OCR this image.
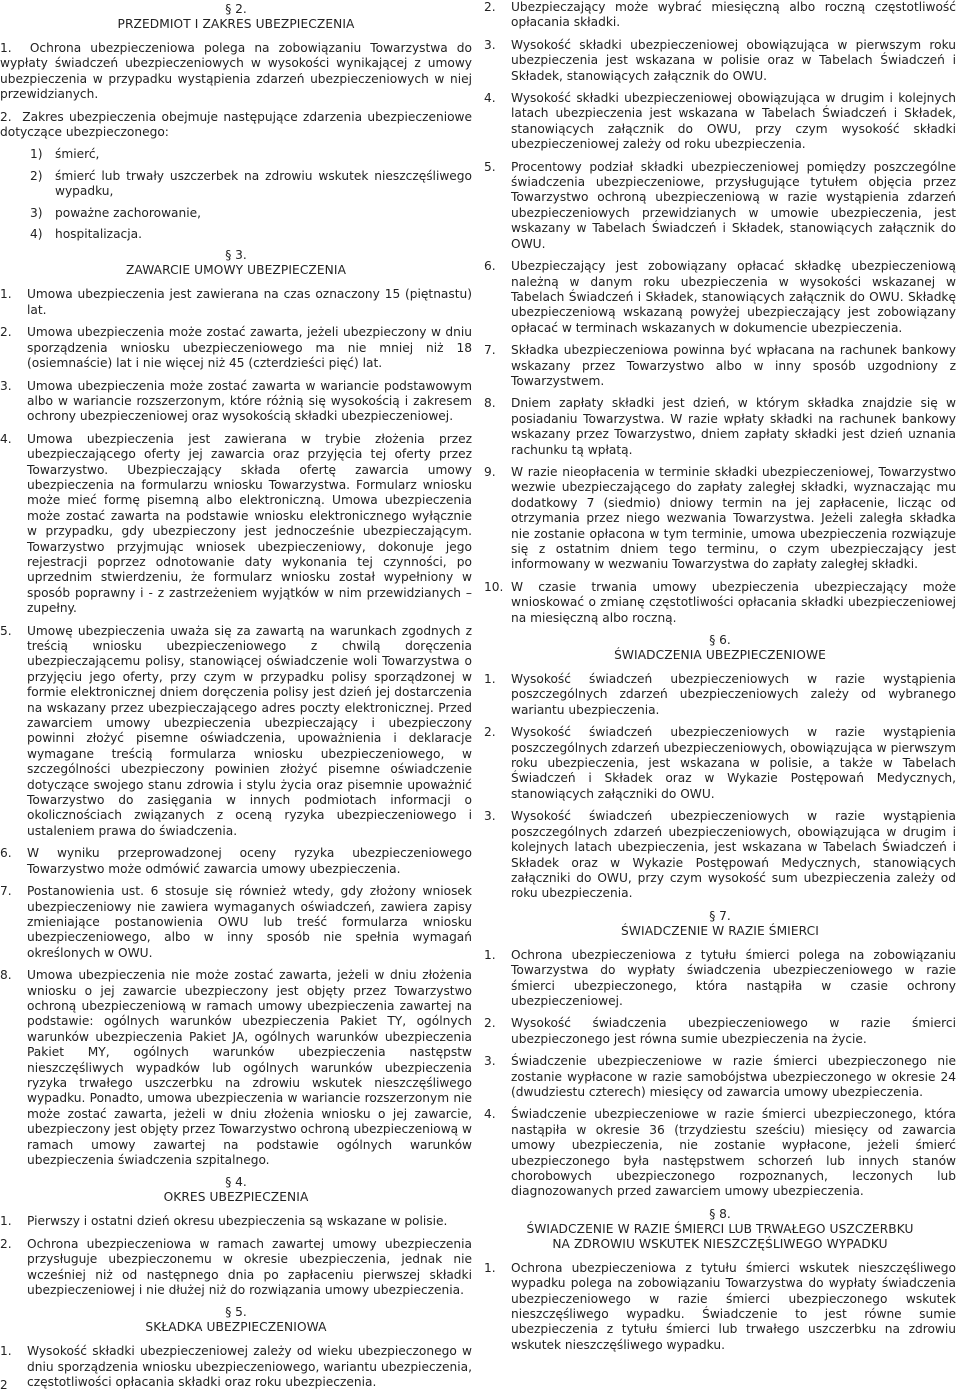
§ 2.
PRZEDMIOT I ZAKRES UBEZPIECZENIA
1. Ochrona ubezpieczeniowa polega na zobowiązaniu Towarzystwa do wypłaty świadczeń ubezpieczeniowych w wysokości wynikającej z umowy ubezpieczenia w przypadku wystąpienia zdarzeń ubezpieczeniowych w niej przewidzianych.
2. Zakres ubezpieczenia obejmuje następujące zdarzenia ubezpieczeniowe dotyczące ubezpieczonego:
1) śmierć,
2) śmierć lub trwały uszczerbek na zdrowiu wskutek nieszczęśliwego wypadku,
3) poważne zachorowanie,
4) hospitalizacja.
§ 3.
ZAWARCIE UMOWY UBEZPIECZENIA
1. Umowa ubezpieczenia jest zawierana na czas oznaczony 15 (piętnastu) lat.
2. Umowa ubezpieczenia może zostać zawarta, jeżeli ubezpieczony w dniu sporządzenia wniosku ubezpieczeniowego ma nie mniej niż 18 (osiemnaście) lat i nie więcej niż 45 (czterdzieści pięć) lat.
3. Umowa ubezpieczenia może zostać zawarta w wariancie podstawowym albo w wariancie rozszerzonym, które różnią się wysokością i zakresem ochrony ubezpieczeniowej oraz wysokością składki ubezpieczeniowej.
4. Umowa ubezpieczenia jest zawierana w trybie złożenia przez ubezpieczającego oferty jej zawarcia oraz przyjęcia tej oferty przez Towarzystwo. Ubezpieczający składa ofertę zawarcia umowy ubezpieczenia na formularzu wniosku Towarzystwa. Formularz wniosku może mieć formę pisemną albo elektroniczną. Umowa ubezpieczenia może zostać zawarta na podstawie wniosku elektronicznego wyłącznie w przypadku, gdy ubezpieczony jest jednocześnie ubezpieczającym. Towarzystwo przyjmując wniosek ubezpieczeniowy, dokonuje jego rejestracji poprzez odnotowanie daty wykonania tej czynności, po uprzednim stwierdzeniu, że formularz wniosku został wypełniony w sposób poprawny i - z zastrzeżeniem wyjątków w nim przewidzianych – zupełny.
5. Umowę ubezpieczenia uważa się za zawartą na warunkach zgodnych z treścią wniosku ubezpieczeniowego z chwilą doręczenia ubezpieczającemu polisy, stanowiącej oświadczenie woli Towarzystwa o przyjęciu jego oferty, przy czym w przypadku polisy sporządzonej w formie elektronicznej dniem doręczenia polisy jest dzień jej dostarczenia na wskazany przez ubezpieczającego adres poczty elektronicznej. Przed zawarciem umowy ubezpieczenia ubezpieczający i ubezpieczony powinni złożyć pisemne oświadczenia, upoważnienia i deklaracje wymagane treścią formularza wniosku ubezpieczeniowego, w szczególności ubezpieczony powinien złożyć pisemne oświadczenie dotyczące swojego stanu zdrowia i stylu życia oraz pisemnie upoważnić Towarzystwo do zasięgania w innych podmiotach informacji o okolicznościach związanych z oceną ryzyka ubezpieczeniowego i ustaleniem prawa do świadczenia.
6. W wyniku przeprowadzonej oceny ryzyka ubezpieczeniowego Towarzystwo może odmówić zawarcia umowy ubezpieczenia.
7. Postanowienia ust. 6 stosuje się również wtedy, gdy złożony wniosek ubezpieczeniowy nie zawiera wymaganych oświadczeń, zawiera zapisy zmieniające postanowienia OWU lub treść formularza wniosku ubezpieczeniowego, albo w inny sposób nie spełnia wymagań określonych w OWU.
8. Umowa ubezpieczenia nie może zostać zawarta, jeżeli w dniu złożenia wniosku o jej zawarcie ubezpieczony jest objęty przez Towarzystwo ochroną ubezpieczeniową w ramach umowy ubezpieczenia zawartej na podstawie: ogólnych warunków ubezpieczenia Pakiet TY, ogólnych warunków ubezpieczenia Pakiet JA, ogólnych warunków ubezpieczenia Pakiet MY, ogólnych warunków ubezpieczenia następstw nieszczęśliwych wypadków lub ogólnych warunków ubezpieczenia ryzyka trwałego uszczerbku na zdrowiu wskutek nieszczęśliwego wypadku. Ponadto, umowa ubezpieczenia w wariancie rozszerzonym nie może zostać zawarta, jeżeli w dniu złożenia wniosku o jej zawarcie, ubezpieczony jest objęty przez Towarzystwo ochroną ubezpieczeniową w ramach umowy zawartej na podstawie ogólnych warunków ubezpieczenia świadczenia szpitalnego.
§ 4.
OKRES UBEZPIECZENIA
1. Pierwszy i ostatni dzień okresu ubezpieczenia są wskazane w polisie.
2. Ochrona ubezpieczeniowa w ramach zawartej umowy ubezpieczenia przysługuje ubezpieczonemu w okresie ubezpieczenia, jednak nie wcześniej niż od następnego dnia po zapłaceniu pierwszej składki ubezpieczeniowej i nie dłużej niż do rozwiązania umowy ubezpieczenia.
§ 5.
SKŁADKA UBEZPIECZENIOWA
1. Wysokość składki ubezpieczeniowej zależy od wieku ubezpieczonego w dniu sporządzenia wniosku ubezpieczeniowego, wariantu ubezpieczenia, częstotliwości opłacania składki oraz roku ubezpieczenia.
2. Ubezpieczający może wybrać miesięczną albo roczną częstotliwość opłacania składki.
3. Wysokość składki ubezpieczeniowej obowiązująca w pierwszym roku ubezpieczenia jest wskazana w polisie oraz w Tabelach Świadczeń i Składek, stanowiących załącznik do OWU.
4. Wysokość składki ubezpieczeniowej obowiązująca w drugim i kolejnych latach ubezpieczenia jest wskazana w Tabelach Świadczeń i Składek, stanowiących załącznik do OWU, przy czym wysokość składki ubezpieczeniowej zależy od roku ubezpieczenia.
5. Procentowy podział składki ubezpieczeniowej pomiędzy poszczególne świadczenia ubezpieczeniowe, przysługujące tytułem objęcia przez Towarzystwo ochroną ubezpieczeniową w razie wystąpienia zdarzeń ubezpieczeniowych przewidzianych w umowie ubezpieczenia, jest wskazany w Tabelach Świadczeń i Składek, stanowiących załącznik do OWU.
6. Ubezpieczający jest zobowiązany opłacać składkę ubezpieczeniową należną w danym roku ubezpieczenia w wysokości wskazanej w Tabelach Świadczeń i Składek, stanowiących załącznik do OWU. Składkę ubezpieczeniową wskazaną powyżej ubezpieczający jest zobowiązany opłacać w terminach wskazanych w dokumencie ubezpieczenia.
7. Składka ubezpieczeniowa powinna być wpłacana na rachunek bankowy wskazany przez Towarzystwo albo w inny sposób uzgodniony z Towarzystwem.
8. Dniem zapłaty składki jest dzień, w którym składka znajdzie się w posiadaniu Towarzystwa. W razie wpłaty składki na rachunek bankowy wskazany przez Towarzystwo, dniem zapłaty składki jest dzień uznania rachunku tą wpłatą.
9. W razie nieopłacenia w terminie składki ubezpieczeniowej, Towarzystwo wezwie ubezpieczającego do zapłaty zaległej składki, wyznaczając mu dodatkowy 7 (siedmio) dniowy termin na jej zapłacenie, licząc od otrzymania przez niego wezwania Towarzystwa. Jeżeli zaległa składka nie zostanie opłacona w tym terminie, umowa ubezpieczenia rozwiązuje się z ostatnim dniem tego terminu, o czym ubezpieczający jest informowany w wezwaniu Towarzystwa do zapłaty zaległej składki.
10. W czasie trwania umowy ubezpieczenia ubezpieczający może wnioskować o zmianę częstotliwości opłacania składki ubezpieczeniowej na miesięczną albo roczną.
§ 6.
ŚWIADCZENIA UBEZPIECZENIOWE
1. Wysokość świadczeń ubezpieczeniowych w razie wystąpienia poszczególnych zdarzeń ubezpieczeniowych zależy od wybranego wariantu ubezpieczenia.
2. Wysokość świadczeń ubezpieczeniowych w razie wystąpienia poszczególnych zdarzeń ubezpieczeniowych, obowiązująca w pierwszym roku ubezpieczenia, jest wskazana w polisie, a także w Tabelach Świadczeń i Składek oraz w Wykazie Postępowań Medycznych, stanowiących załączniki do OWU.
3. Wysokość świadczeń ubezpieczeniowych w razie wystąpienia poszczególnych zdarzeń ubezpieczeniowych, obowiązująca w drugim i kolejnych latach ubezpieczenia, jest wskazana w Tabelach Świadczeń i Składek oraz w Wykazie Postępowań Medycznych, stanowiących załączniki do OWU, przy czym wysokość sum ubezpieczenia zależy od roku ubezpieczenia.
§ 7.
ŚWIADCZENIE W RAZIE ŚMIERCI
1. Ochrona ubezpieczeniowa z tytułu śmierci polega na zobowiązaniu Towarzystwa do wypłaty świadczenia ubezpieczeniowego w razie śmierci ubezpieczonego, która nastąpiła w czasie ochrony ubezpieczeniowej.
2. Wysokość świadczenia ubezpieczeniowego w razie śmierci ubezpieczonego jest równa sumie ubezpieczenia na życie.
3. Świadczenie ubezpieczeniowe w razie śmierci ubezpieczonego nie zostanie wypłacone w razie samobójstwa ubezpieczonego w okresie 24 (dwudziestu czterech) miesięcy od zawarcia umowy ubezpieczenia.
4. Świadczenie ubezpieczeniowe w razie śmierci ubezpieczonego, która nastąpiła w okresie 36 (trzydziestu sześciu) miesięcy od zawarcia umowy ubezpieczenia, nie zostanie wypłacone, jeżeli śmierć ubezpieczonego była następstwem schorzeń lub innych stanów chorobowych ubezpieczonego rozpoznanych, leczonych lub diagnozowanych przed zawarciem umowy ubezpieczenia.
§ 8.
ŚWIADCZENIE W RAZIE ŚMIERCI LUB TRWAŁEGO USZCZERBKU
NA ZDROWIU WSKUTEK NIESZCZĘŚLIWEGO WYPADKU
1. Ochrona ubezpieczeniowa z tytułu śmierci wskutek nieszczęśliwego wypadku polega na zobowiązaniu Towarzystwa do wypłaty świadczenia ubezpieczeniowego w razie śmierci ubezpieczonego wskutek nieszczęśliwego wypadku. Świadczenie to jest równe sumie ubezpieczenia z tytułu śmierci lub trwałego uszczerbku na zdrowiu wskutek nieszczęśliwego wypadku.
2
